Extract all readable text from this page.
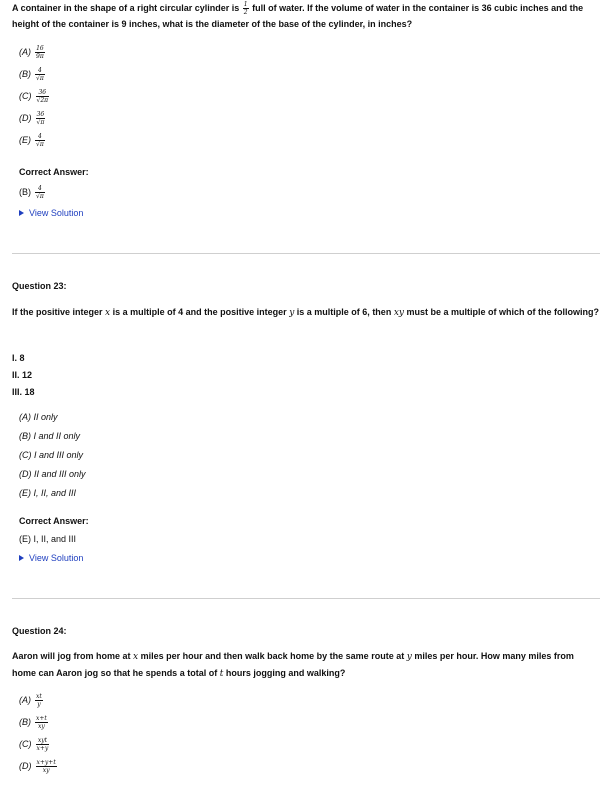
A container in the shape of a right circular cylinder is $\frac{1}{2}$ full of water. If the volume of water in the container is 36 cubic inches and the height of the container is 9 inches, what is the diameter of the base of the cylinder, in inches?
$(A) \frac{16}{9\pi}$
$(B) \frac{4}{√\pi}$
$(C) \frac{36}{√2\pi}$
$(D) \frac{36}{√\pi}$
$(E) \frac{4}{√\pi}$
Correct Answer:
$(B) \frac{4}{√\pi}$
View Solution
Question 23:
If the positive integer x is a multiple of 4 and the positive integer y is a multiple of 6, then xy must be a multiple of which of the following?
I. 8
II. 12
III. 18
(A) II only
(B) I and II only
(C) I and III only
(D) II and III only
(E) I, II, and III
Correct Answer:
(E) I, II, and III
View Solution
Question 24:
Aaron will jog from home at x miles per hour and then walk back home by the same route at y miles per hour. How many miles from home can Aaron jog so that he spends a total of t hours jogging and walking?
$(A) \frac{xt}{y}$
$(B) \frac{x+t}{xy}$
$(C) \frac{\text{xyt}}{x+y}$
$(D) \frac{x+y+t}{xy}$
